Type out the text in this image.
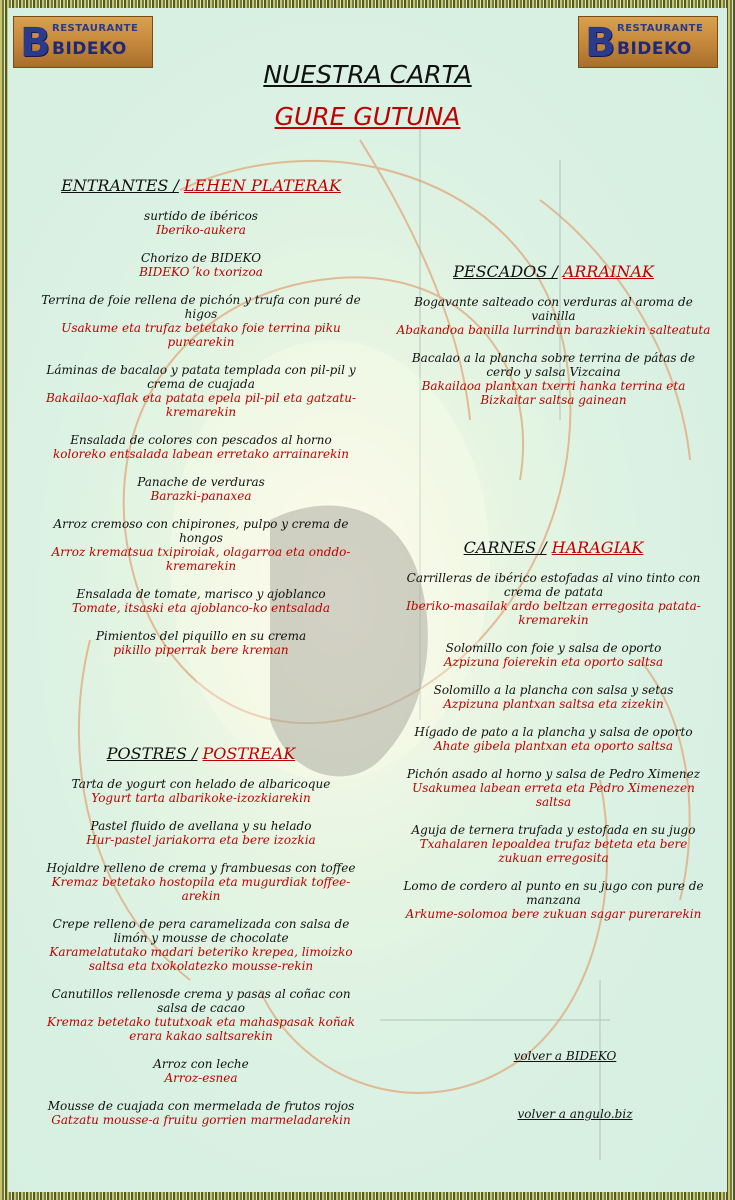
B RESTAURANTE
BIDEKO	B RESTAURANTE
BIDEKO
NUESTRA CARTA
GURE GUTUNA
ENTRANTES / LEHEN PLATERAK
surtido de ibéricos
Iberiko-aukera
Chorizo de BIDEKO
BIDEKO´ko txorizoa
Terrina de foie rellena de pichón y trufa con puré de higos
Usakume eta trufaz betetako foie terrina piku purearekin
Láminas de bacalao y patata templada con pil-pil y crema de cuajada
Bakailao-xaflak eta patata epela pil-pil eta gatzatu-kremarekin
Ensalada de colores con pescados al horno
koloreko entsalada labean erretako arrainarekin
Panache de verduras
Barazki-panaxea
Arroz cremoso con chipirones, pulpo y crema de hongos
Arroz krematsua txipiroiak, olagarroa eta onddo-kremarekin
Ensalada de tomate, marisco y ajoblanco
Tomate, itsaski eta ajoblanco-ko entsalada
Pimientos del piquillo en su crema
pikillo piperrak bere kreman
POSTRES / POSTREAK
Tarta de yogurt con helado de albaricoque
Yogurt tarta albarikoke-izozkiarekin
Pastel fluido de avellana y su helado
Hur-pastel jariakorra eta bere izozkia
Hojaldre relleno de crema y frambuesas con toffee
Kremaz betetako hostopila eta mugurdiak toffee-arekin
Crepe relleno de pera caramelizada con salsa de limón y mousse de chocolate
Karamelatutako madari beteriko krepea, limoizko saltsa eta txokolatezko mousse-rekin
Canutillos rellenosde crema y pasas al coñac con salsa de cacao
Kremaz betetako tututxoak eta mahaspasak koñak erara kakao saltsarekin
Arroz con leche
Arroz-esnea
Mousse de cuajada con mermelada de frutos rojos
Gatzatu mousse-a fruitu gorrien marmeladarekin
PESCADOS / ARRAINAK
Bogavante salteado con verduras al aroma de vainilla
Abakandoa banilla lurrindun barazkiekin salteatuta
Bacalao a la plancha sobre terrina de pátas de cerdo y salsa Vizcaina
Bakailaoa plantxan txerri hanka terrina eta Bizkaitar saltsa gainean
CARNES / HARAGIAK
Carrilleras de ibérico estofadas al vino tinto con crema de patata
Iberiko-masailak ardo beltzan erregosita patata-kremarekin
Solomillo con foie y salsa de oporto
Azpizuna foierekin eta oporto saltsa
Solomillo a la plancha con salsa y setas
Azpizuna plantxan saltsa eta zizekin
Hígado de pato a la plancha y salsa de oporto
Ahate gibela plantxan eta oporto saltsa
Pichón asado al horno y salsa de Pedro Ximenez
Usakumea labean erreta eta Pedro Ximenezen saltsa
Aguja de ternera trufada y estofada en su jugo
Txahalaren lepoaldea trufaz beteta eta bere zukuan erregosita
Lomo de cordero al punto en su jugo con pure de manzana
Arkume-solomoa bere zukuan sagar purerarekin
volver a BIDEKO
volver a angulo.biz
